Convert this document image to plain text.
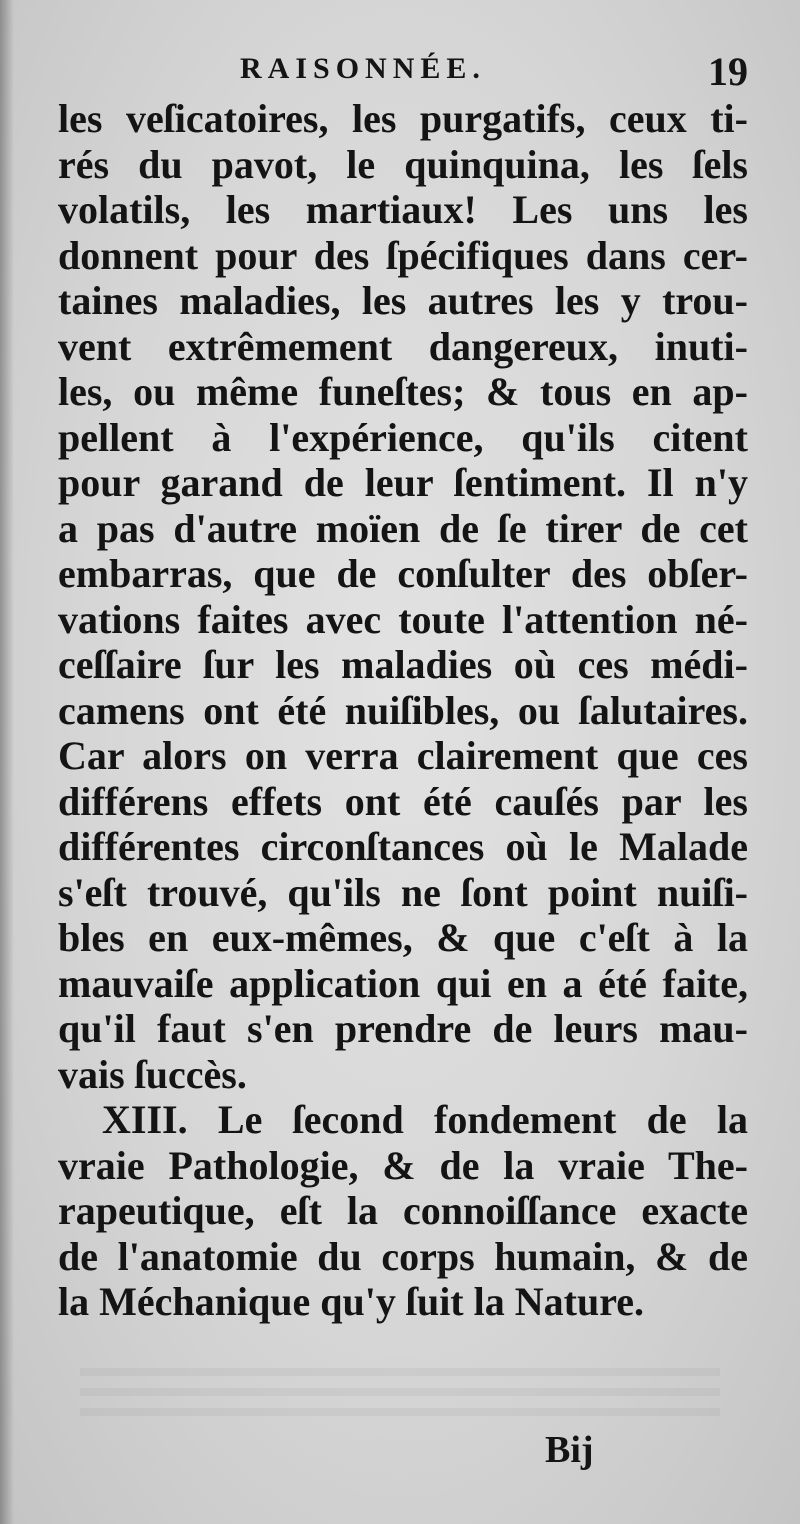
RAISONNÉE.	19
les veſicatoires, les purgatifs, ceux ti-
rés du pavot, le quinquina, les ſels
volatils, les martiaux! Les uns les
donnent pour des ſpécifiques dans cer-
taines maladies, les autres les y trou-
vent extrêmement dangereux, inuti-
les, ou même funeſtes; & tous en ap-
pellent à l'expérience, qu'ils citent
pour garand de leur ſentiment. Il n'y
a pas d'autre moïen de ſe tirer de cet
embarras, que de conſulter des obſer-
vations faites avec toute l'attention né-
ceſſaire ſur les maladies où ces médi-
camens ont été nuiſibles, ou ſalutaires.
Car alors on verra clairement que ces
différens effets ont été cauſés par les
différentes circonſtances où le Malade
s'eſt trouvé, qu'ils ne ſont point nuiſi-
bles en eux-mêmes, & que c'eſt à la
mauvaiſe application qui en a été faite,
qu'il faut s'en prendre de leurs mau-
vais ſuccès.
XIII. Le ſecond fondement de la
vraie Pathologie, & de la vraie The-
rapeutique, eſt la connoiſſance exacte
de l'anatomie du corps humain, & de
la Méchanique qu'y ſuit la Nature.
Bij
